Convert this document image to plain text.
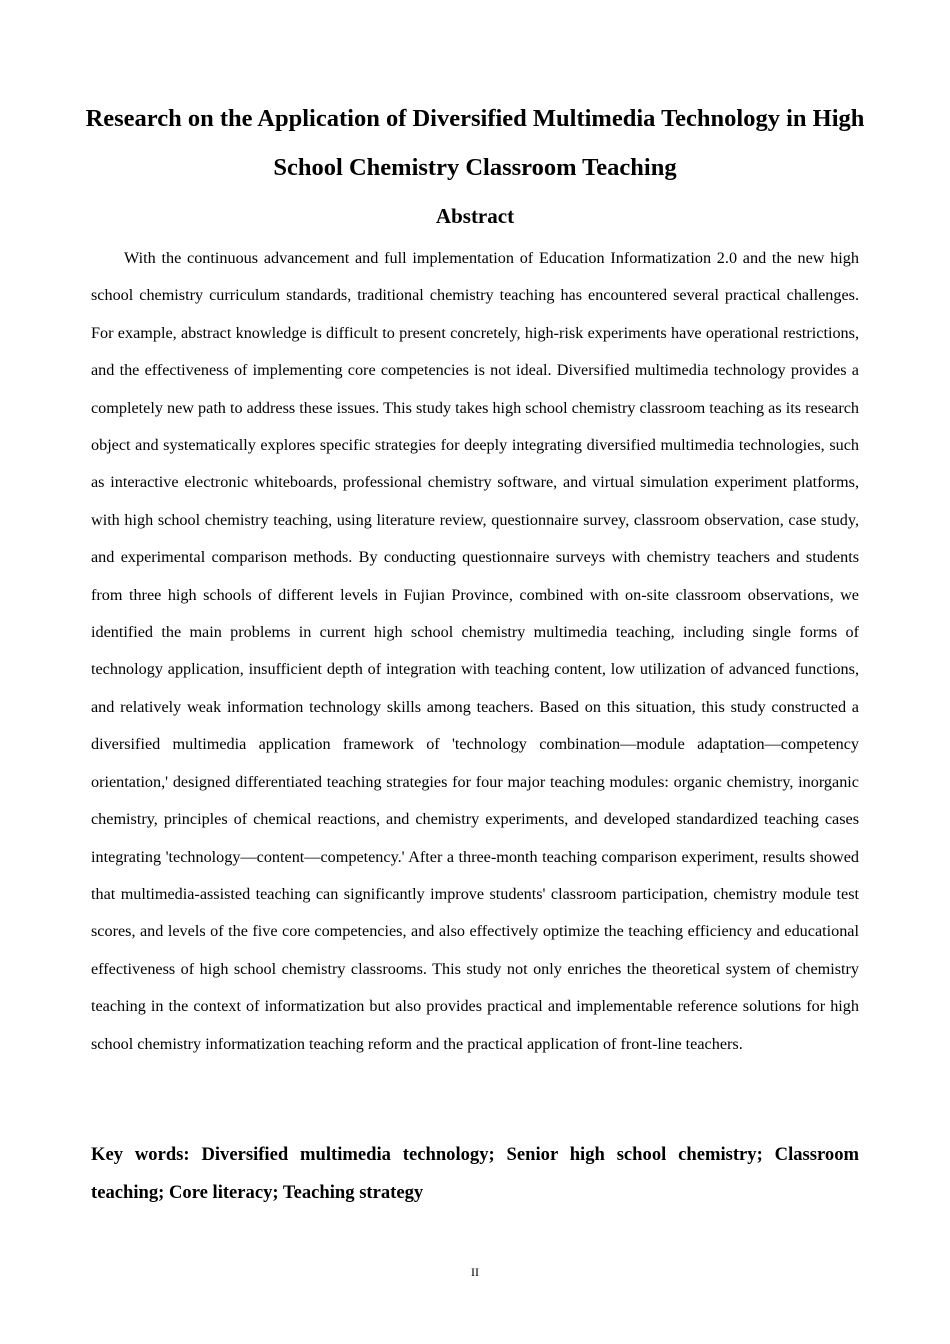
Research on the Application of Diversified Multimedia Technology in High School Chemistry Classroom Teaching
Abstract

With the continuous advancement and full implementation of Education Informatization 2.0 and the new high school chemistry curriculum standards, traditional chemistry teaching has encountered several practical challenges. For example, abstract knowledge is difficult to present concretely, high-risk experiments have operational restrictions, and the effectiveness of implementing core competencies is not ideal. Diversified multimedia technology provides a completely new path to address these issues. This study takes high school chemistry classroom teaching as its research object and systematically explores specific strategies for deeply integrating diversified multimedia technologies, such as interactive electronic whiteboards, professional chemistry software, and virtual simulation experiment platforms, with high school chemistry teaching, using literature review, questionnaire survey, classroom observation, case study, and experimental comparison methods. By conducting questionnaire surveys with chemistry teachers and students from three high schools of different levels in Fujian Province, combined with on-site classroom observations, we identified the main problems in current high school chemistry multimedia teaching, including single forms of technology application, insufficient depth of integration with teaching content, low utilization of advanced functions, and relatively weak information technology skills among teachers. Based on this situation, this study constructed a diversified multimedia application framework of 'technology combination—module adaptation—competency orientation,' designed differentiated teaching strategies for four major teaching modules: organic chemistry, inorganic chemistry, principles of chemical reactions, and chemistry experiments, and developed standardized teaching cases integrating 'technology—content—competency.' After a three-month teaching comparison experiment, results showed that multimedia-assisted teaching can significantly improve students' classroom participation, chemistry module test scores, and levels of the five core competencies, and also effectively optimize the teaching efficiency and educational effectiveness of high school chemistry classrooms. This study not only enriches the theoretical system of chemistry teaching in the context of informatization but also provides practical and implementable reference solutions for high school chemistry informatization teaching reform and the practical application of front-line teachers.

Key words: Diversified multimedia technology; Senior high school chemistry; Classroom teaching; Core literacy; Teaching strategy

II
